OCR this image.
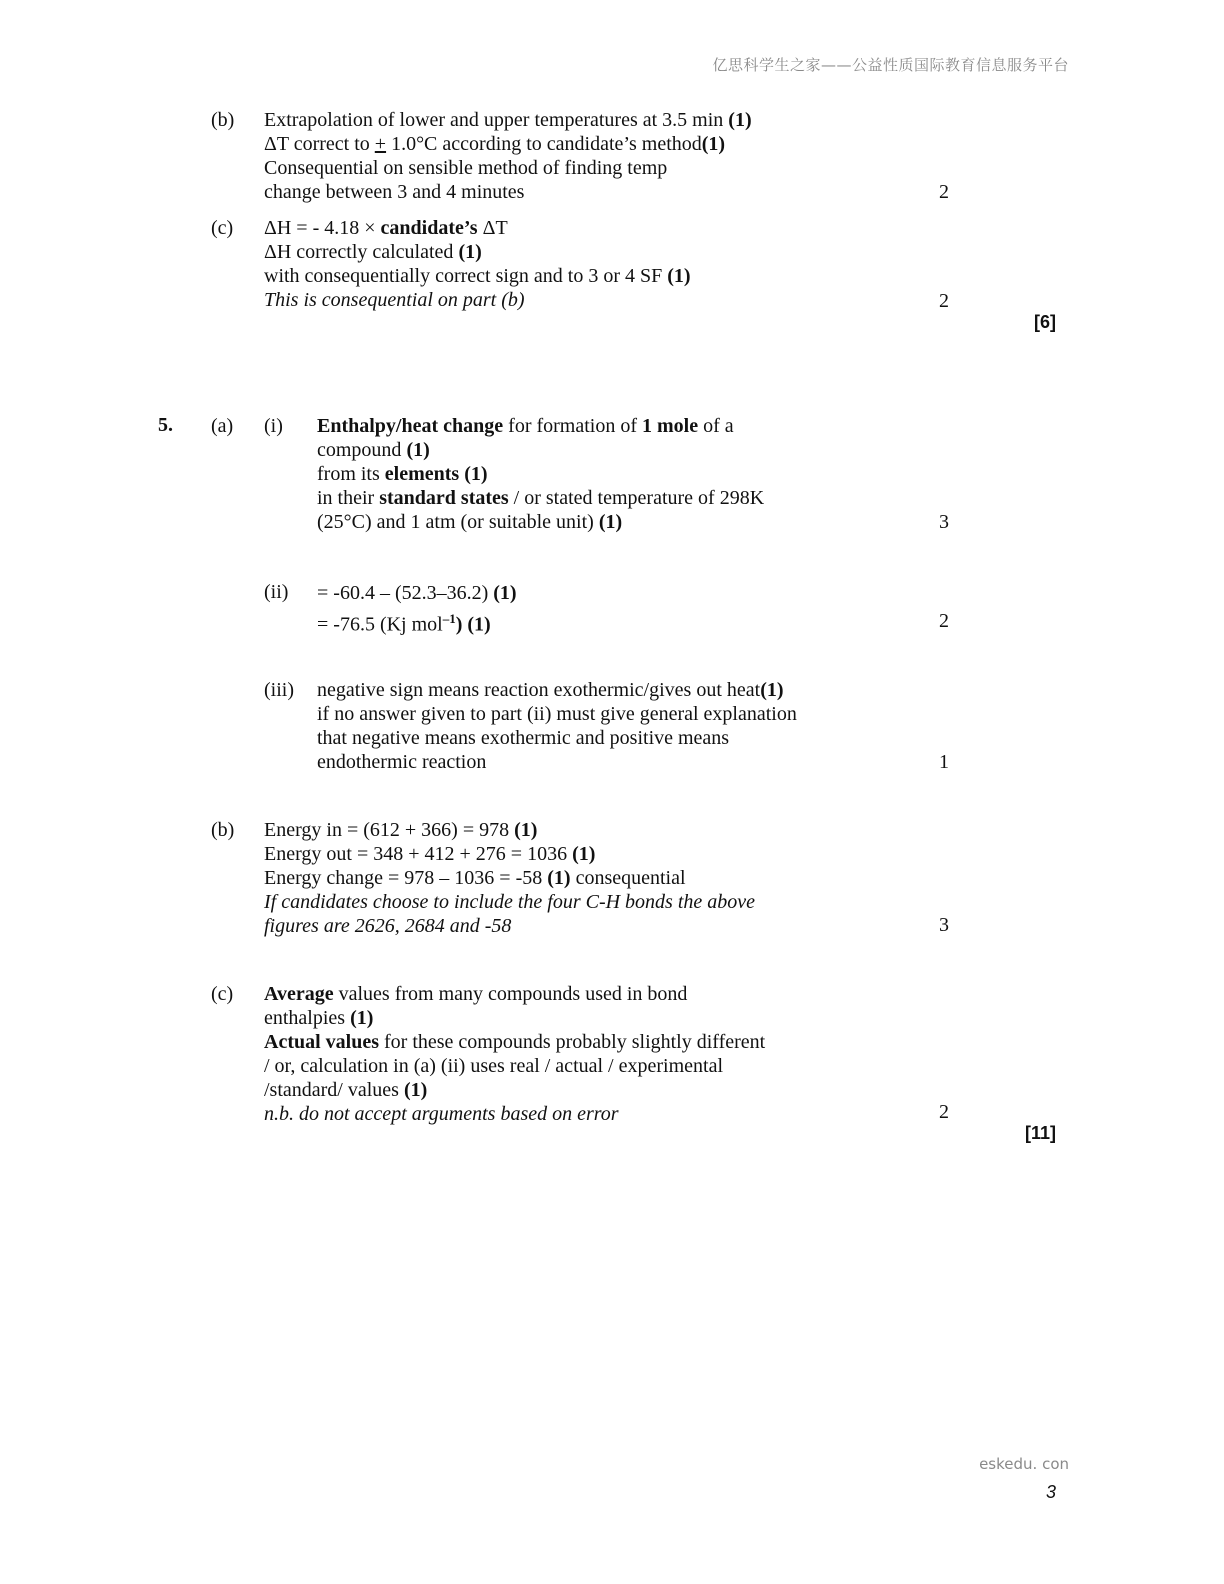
亿思科学生之家——公益性质国际教育信息服务平台
(b) Extrapolation of lower and upper temperatures at 3.5 min (1)
ΔT correct to + 1.0°C according to candidate’s method(1)
Consequential on sensible method of finding temp
change between 3 and 4 minutes	2
(c) ΔH = - 4.18 × candidate’s ΔT
ΔH correctly calculated (1)
with consequentially correct sign and to 3 or 4 SF (1)
This is consequential on part (b)	2
[6]
5. (a) (i) Enthalpy/heat change for formation of 1 mole of a
compound (1)
from its elements (1)
in their standard states / or stated temperature of 298K
(25°C) and 1 atm (or suitable unit) (1)	3
(ii) = -60.4 – (52.3–36.2) (1)
= -76.5 (Kj mol$^{-1}$) (1)	2
(iii) negative sign means reaction exothermic/gives out heat(1)
if no answer given to part (ii) must give general explanation
that negative means exothermic and positive means
endothermic reaction	1
(b) Energy in = (612 + 366) = 978 (1)
Energy out = 348 + 412 + 276 = 1036 (1)
Energy change = 978 – 1036 = -58 (1) consequential
If candidates choose to include the four C-H bonds the above
figures are 2626, 2684 and -58	3
(c) Average values from many compounds used in bond
enthalpies (1)
Actual values for these compounds probably slightly different
/ or, calculation in (a) (ii) uses real / actual / experimental
/standard/ values (1)
n.b. do not accept arguments based on error	2
[11]
eskedu. con
3
